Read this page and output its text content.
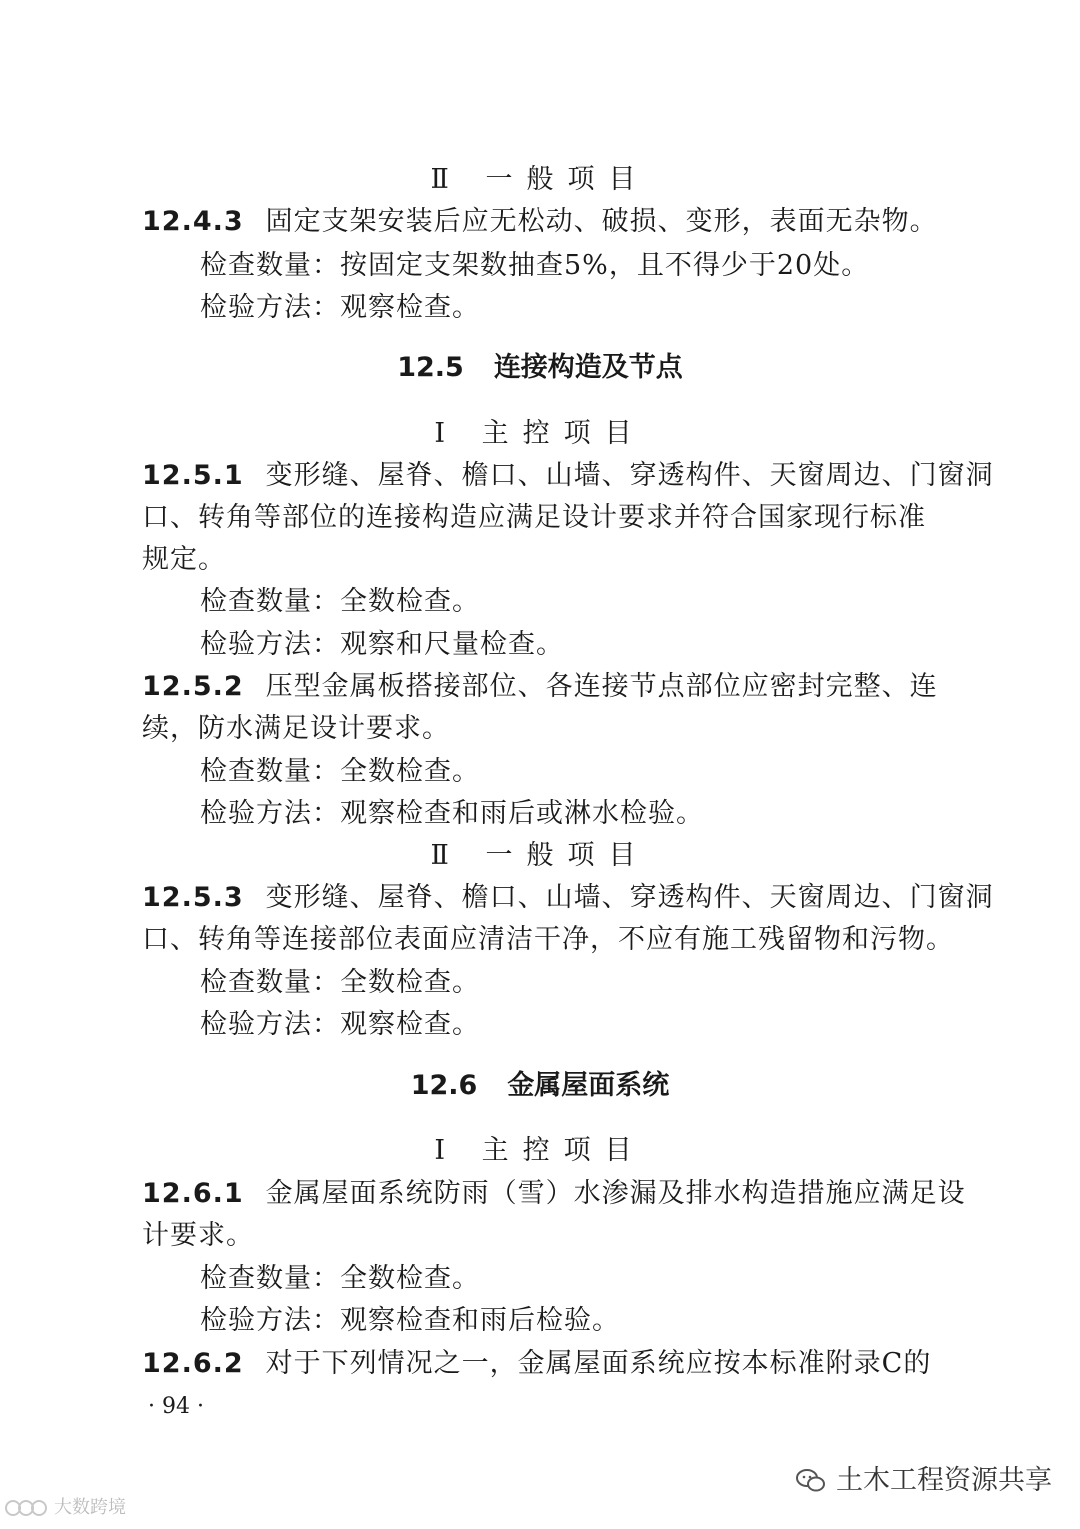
Ⅱ 一般项目
12.4.3 固定支架安装后应无松动、破损、变形，表面无杂物。
检查数量：按固定支架数抽查5%，且不得少于20处。
检验方法：观察检查。
12.5 连接构造及节点
Ⅰ 主控项目
12.5.1 变形缝、屋脊、檐口、山墙、穿透构件、天窗周边、门窗洞
口、转角等部位的连接构造应满足设计要求并符合国家现行标准
规定。
检查数量：全数检查。
检验方法：观察和尺量检查。
12.5.2 压型金属板搭接部位、各连接节点部位应密封完整、连
续，防水满足设计要求。
检查数量：全数检查。
检验方法：观察检查和雨后或淋水检验。
Ⅱ 一般项目
12.5.3 变形缝、屋脊、檐口、山墙、穿透构件、天窗周边、门窗洞
口、转角等连接部位表面应清洁干净，不应有施工残留物和污物。
检查数量：全数检查。
检验方法：观察检查。
12.6 金属屋面系统
Ⅰ 主控项目
12.6.1 金属屋面系统防雨（雪）水渗漏及排水构造措施应满足设
计要求。
检查数量：全数检查。
检验方法：观察检查和雨后检验。
12.6.2 对于下列情况之一，金属屋面系统应按本标准附录C的
· 94 ·
土木工程资源共享
大数跨境
